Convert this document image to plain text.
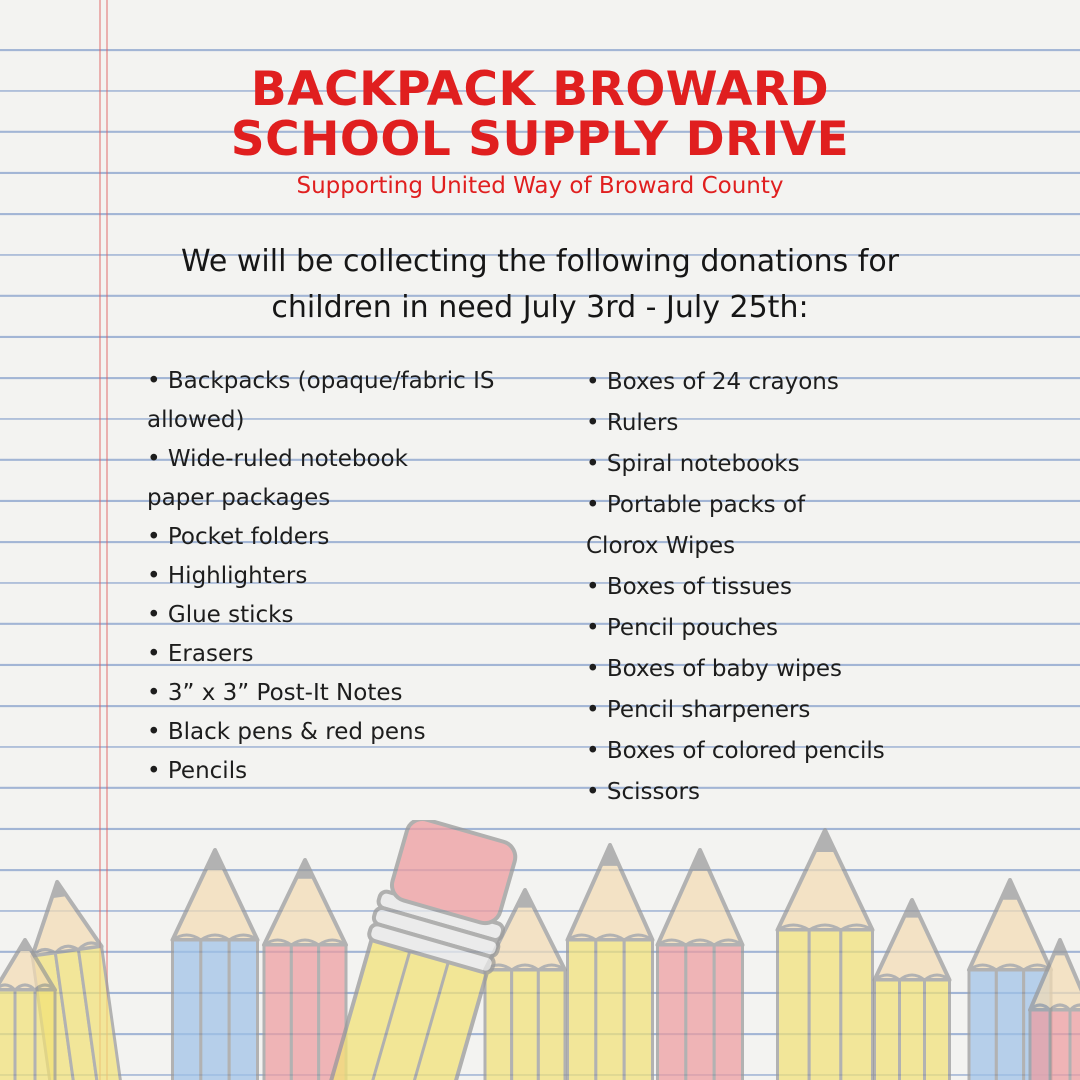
BACKPACK BROWARD
SCHOOL SUPPLY DRIVE
Supporting United Way of Broward County
We will be collecting the following donations for
children in need July 3rd - July 25th:
• Backpacks (opaque/fabric IS
allowed)
• Wide-ruled notebook
paper packages
• Pocket folders
• Highlighters
• Glue sticks
• Erasers
• 3” x 3” Post-It Notes
• Black pens & red pens
• Pencils
• Boxes of 24 crayons
• Rulers
• Spiral notebooks
• Portable packs of
Clorox Wipes
• Boxes of tissues
• Pencil pouches
• Boxes of baby wipes
• Pencil sharpeners
• Boxes of colored pencils
• Scissors
